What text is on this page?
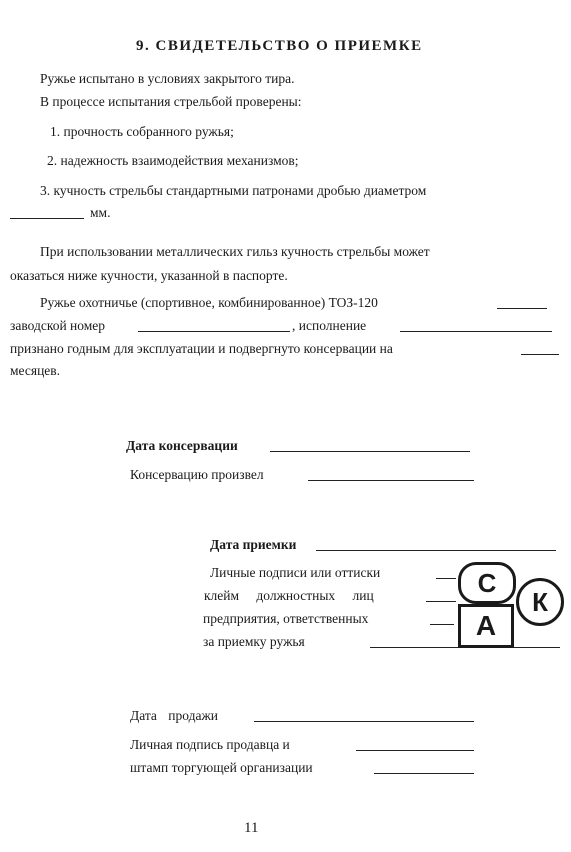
9. СВИДЕТЕЛЬСТВО О ПРИЕМКЕ
Ружье испытано в условиях закрытого тира.
В процессе испытания стрельбой проверены:
1. прочность собранного ружья;
2. надежность взаимодействия механизмов;
3. кучность стрельбы стандартными патронами дробью диаметром
мм.
При использовании металлических гильз кучность стрельбы может
оказаться ниже кучности, указанной в паспорте.
Ружье охотничье (спортивное, комбинированное) ТОЗ-120
заводской номер	, исполнение
признано годным для эксплуатации и подвергнуто консервации на
месяцев.
Дата консервации
Консервацию произвел
Дата приемки
Личные подписи или оттиски
клейм должностных лиц
предприятия, ответственных
за приемку ружья
С
А
К
Дата продажи
Личная подпись продавца и
штамп торгующей организации
11
